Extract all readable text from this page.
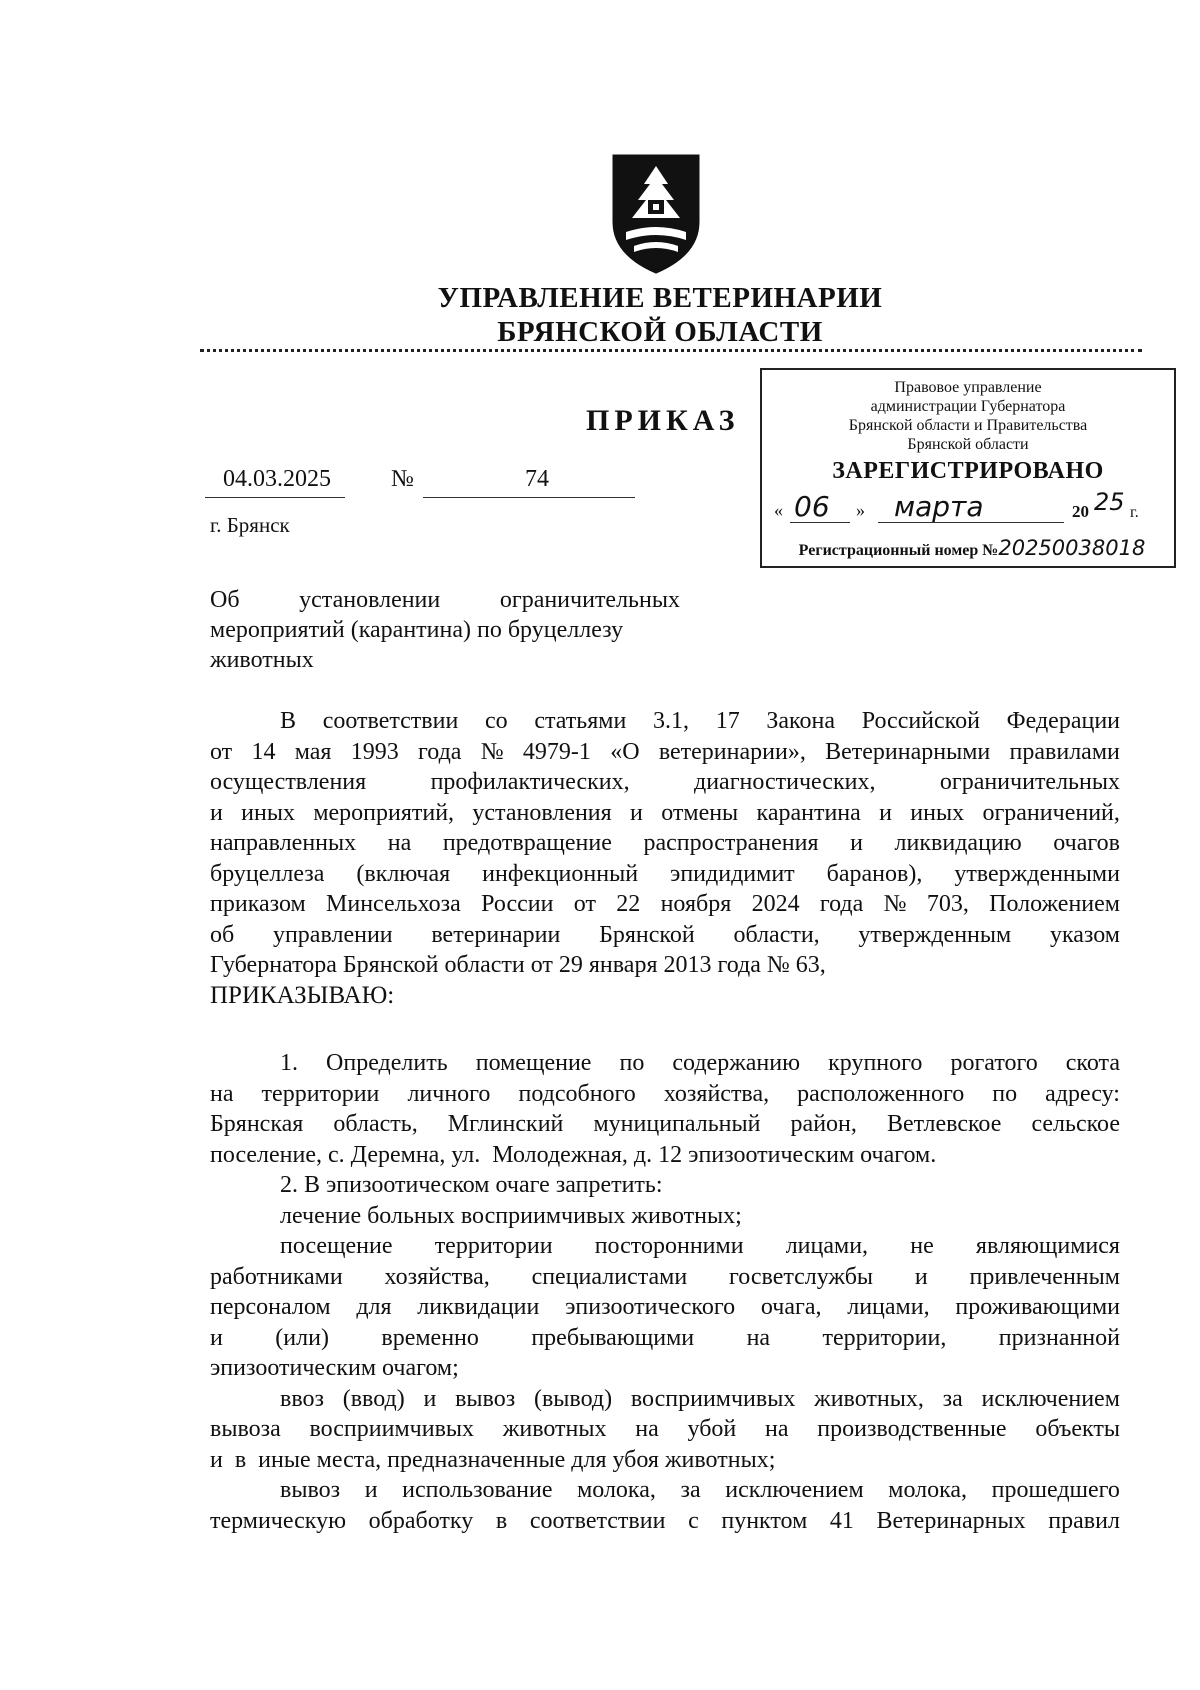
УПРАВЛЕНИЕ ВЕТЕРИНАРИИ
БРЯНСКОЙ ОБЛАСТИ
ПРИКАЗ
04.03.2025	№	74
г. Брянск
Правовое управление
администрации Губернатора
Брянской области и Правительства
Брянской области
ЗАРЕГИСТРИРОВАНО
« 06 » марта	20 25 г.
Регистрационный номер №20250038018
Об установлении ограничительных
мероприятий (карантина) по бруцеллезу
животных
В соответствии со статьями 3.1, 17 Закона Российской Федерации
от 14 мая 1993 года № 4979-1 «О ветеринарии», Ветеринарными правилами
осуществления	профилактических,	диагностических,	ограничительных
и иных мероприятий, установления и отмены карантина и иных ограничений,
направленных на предотвращение распространения и ликвидацию очагов
бруцеллеза (включая инфекционный эпидидимит баранов), утвержденными
приказом Минсельхоза России от 22 ноября 2024 года № 703, Положением
об управлении ветеринарии Брянской области, утвержденным указом
Губернатора Брянской области от 29 января 2013 года № 63,
ПРИКАЗЫВАЮ:
1. Определить помещение по содержанию крупного рогатого скота
на территории личного подсобного хозяйства, расположенного по адресу:
Брянская область, Мглинский муниципальный район, Ветлевское сельское
поселение, с. Деремна, ул.  Молодежная, д. 12 эпизоотическим очагом.
2. В эпизоотическом очаге запретить:
лечение больных восприимчивых животных;
посещение территории посторонними лицами, не являющимися
работниками хозяйства, специалистами госветслужбы и привлеченным
персоналом для ликвидации эпизоотического очага, лицами, проживающими
и (или) временно пребывающими на территории, признанной
эпизоотическим очагом;
ввоз (ввод) и вывоз (вывод) восприимчивых животных, за исключением
вывоза восприимчивых животных на убой на производственные объекты
и  в  иные места, предназначенные для убоя животных;
вывоз и использование молока, за исключением молока, прошедшего
термическую обработку в соответствии с пунктом 41 Ветеринарных правил
